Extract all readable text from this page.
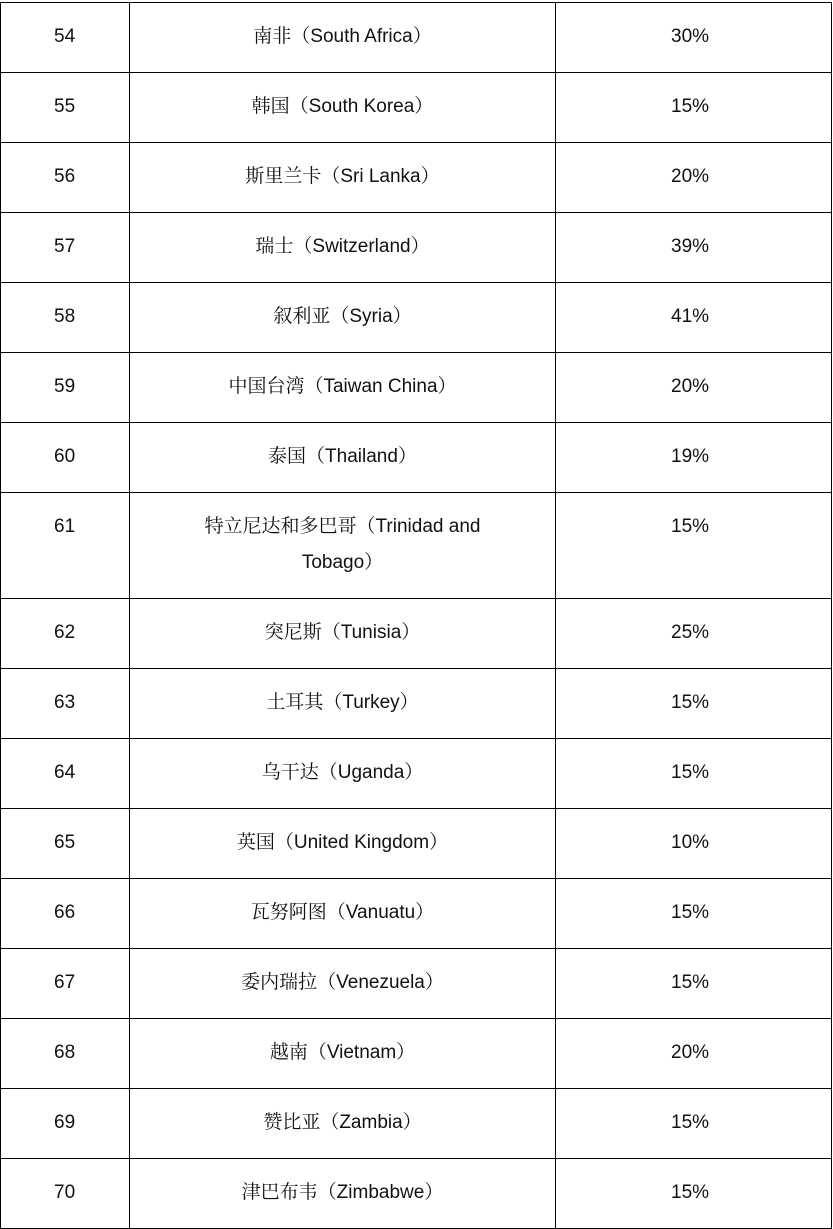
54	南非（South Africa）	30%
55	韩国（South Korea）	15%
56	斯里兰卡（Sri Lanka）	20%
57	瑞士（Switzerland）	39%
58	叙利亚（Syria）	41%
59	中国台湾（Taiwan China）	20%
60	泰国（Thailand）	19%
61	特立尼达和多巴哥（Trinidad and Tobago）	15%
62	突尼斯（Tunisia）	25%
63	土耳其（Turkey）	15%
64	乌干达（Uganda）	15%
65	英国（United Kingdom）	10%
66	瓦努阿图（Vanuatu）	15%
67	委内瑞拉（Venezuela）	15%
68	越南（Vietnam）	20%
69	赞比亚（Zambia）	15%
70	津巴布韦（Zimbabwe）	15%
